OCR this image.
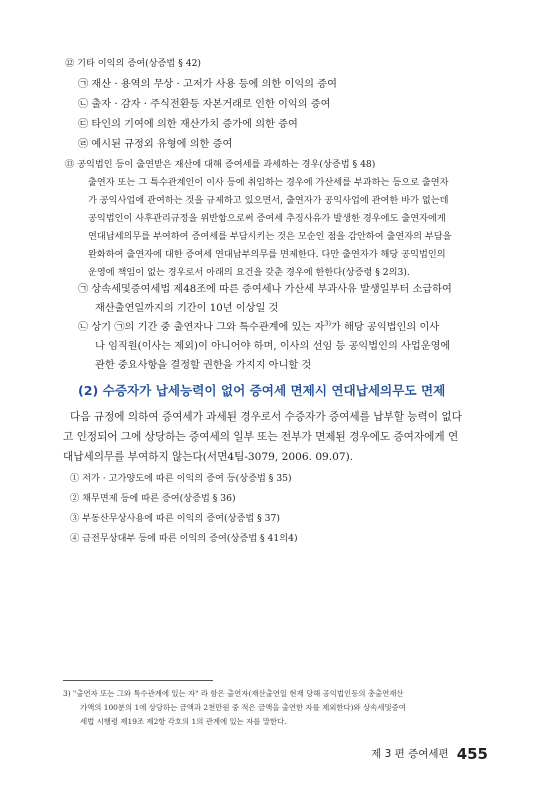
⑫ 기타 이익의 증여(상증법 § 42)
㉠ 재산 · 용역의 무상 · 고저가 사용 등에 의한 이익의 증여
㉡ 출자 · 감자 · 주식전환등 자본거래로 인한 이익의 증여
㉢ 타인의 기여에 의한 재산가치 증가에 의한 증여
㉣ 예시된 규정외 유형에 의한 증여
⑬ 공익법인 등이 출연받은 재산에 대해 증여세를 과세하는 경우(상증법 § 48)
출연자 또는 그 특수관계인이 이사 등에 취임하는 경우에 가산세를 부과하는 등으로 출연자
가 공익사업에 관여하는 것을 규제하고 있으면서, 출연자가 공익사업에 관여한 바가 없는데
공익법인이 사후관리규정을 위반함으로써 증여세 추징사유가 발생한 경우에도 출연자에게
연대납세의무를 부여하여 증여세를 부담시키는 것은 모순인 점을 감안하여 출연자의 부담을
완화하여 출연자에 대한 증여세 연대납부의무를 면제한다. 다만 출연자가 해당 공익법인의
운영에 책임이 없는 경우로서 아래의 요건을 갖춘 경우에 한한다(상증령 § 2의3).
㉠ 상속세및증여세법 제48조에 따른 증여세나 가산세 부과사유 발생일부터 소급하여
재산출연일까지의 기간이 10년 이상일 것
㉡ 상기 ㉠의 기간 중 출연자나 그와 특수관계에 있는 자$^{3)}$가 해당 공익법인의 이사
나 임직원(이사는 제외)이 아니어야 하며, 이사의 선임 등 공익법인의 사업운영에
관한 중요사항을 결정할 권한을 가지지 아니할 것
(2) 수증자가 납세능력이 없어 증여세 면제시 연대납세의무도 면제
다음 규정에 의하여 증여세가 과세된 경우로서 수증자가 증여세를 납부할 능력이 없다
고 인정되어 그에 상당하는 증여세의 일부 또는 전부가 면제된 경우에도 증여자에게 연
대납세의무를 부여하지 않는다(서면4팀-3079, 2006. 09.07).
① 저가 · 고가양도에 따른 이익의 증여 등(상증법 § 35)
② 채무면제 등에 따른 증여(상증법 § 36)
③ 부동산무상사용에 따른 이익의 증여(상증법 § 37)
④ 금전무상대부 등에 따른 이익의 증여(상증법 § 41의4)
3) "출연자 또는 그와 특수관계에 있는 자" 라 함은 출연자(재산출연일 현재 당해 공익법인등의 총출연재산
가액의 100분의 1에 상당하는 금액과 2천만원 중 적은 금액을 출연한 자를 제외한다)와 상속세및증여
세법 시행령 제19조 제2항 각호의 1의 관계에 있는 자를 말한다.
제 3 편 증여세편 455
